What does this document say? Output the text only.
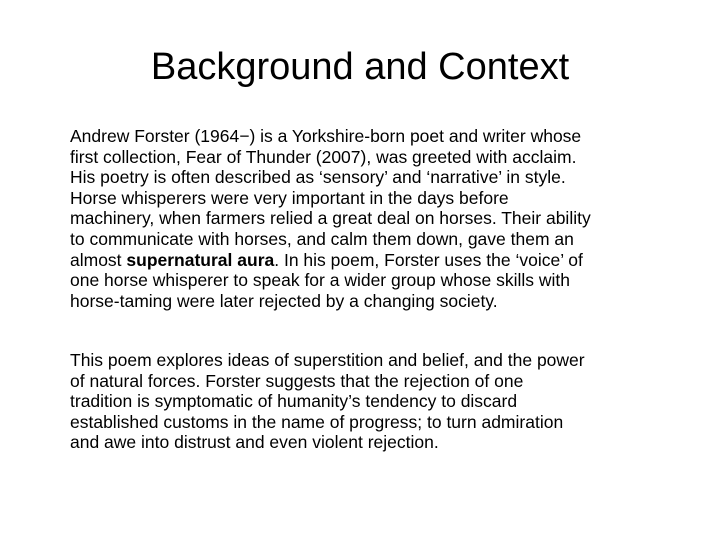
Background and Context

Andrew Forster (1964−) is a Yorkshire-born poet and writer whose
first collection, Fear of Thunder (2007), was greeted with acclaim.
His poetry is often described as ‘sensory’ and ‘narrative’ in style.
Horse whisperers were very important in the days before
machinery, when farmers relied a great deal on horses. Their ability
to communicate with horses, and calm them down, gave them an
almost supernatural aura. In his poem, Forster uses the ‘voice’ of
one horse whisperer to speak for a wider group whose skills with
horse-taming were later rejected by a changing society.

This poem explores ideas of superstition and belief, and the power
of natural forces. Forster suggests that the rejection of one
tradition is symptomatic of humanity’s tendency to discard
established customs in the name of progress; to turn admiration
and awe into distrust and even violent rejection.
